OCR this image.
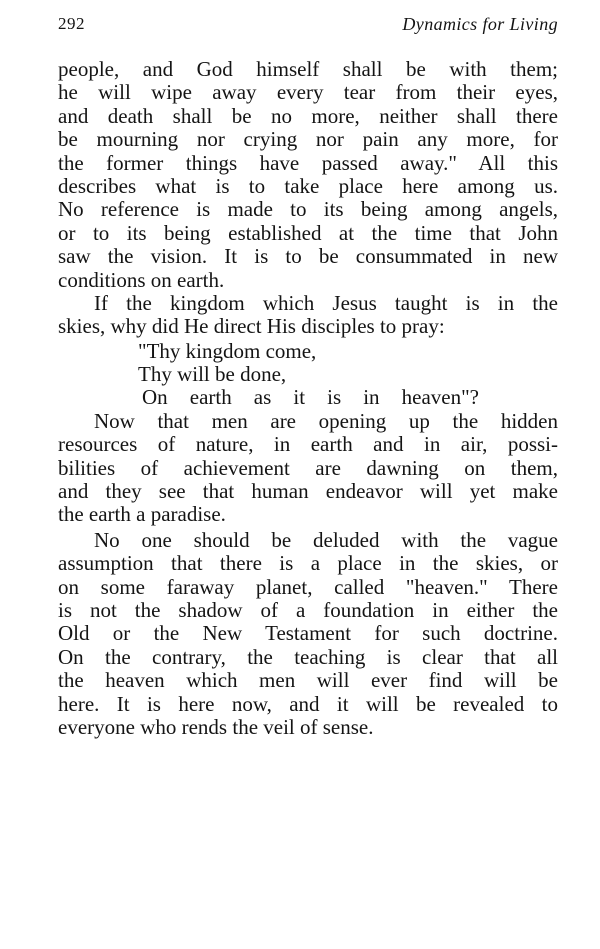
292	Dynamics for Living
people, and God himself shall be with them;
he will wipe away every tear from their eyes,
and death shall be no more, neither shall there
be mourning nor crying nor pain any more, for
the former things have passed away." All this
describes what is to take place here among us.
No reference is made to its being among angels,
or to its being established at the time that John
saw the vision. It is to be consummated in new
conditions on earth.
If the kingdom which Jesus taught is in the
skies, why did He direct His disciples to pray:
"Thy kingdom come,
Thy will be done,
On earth as it is in heaven"?
Now that men are opening up the hidden
resources of nature, in earth and in air, possi-
bilities of achievement are dawning on them,
and they see that human endeavor will yet make
the earth a paradise.
No one should be deluded with the vague
assumption that there is a place in the skies, or
on some faraway planet, called "heaven." There
is not the shadow of a foundation in either the
Old or the New Testament for such doctrine.
On the contrary, the teaching is clear that all
the heaven which men will ever find will be
here. It is here now, and it will be revealed to
everyone who rends the veil of sense.
